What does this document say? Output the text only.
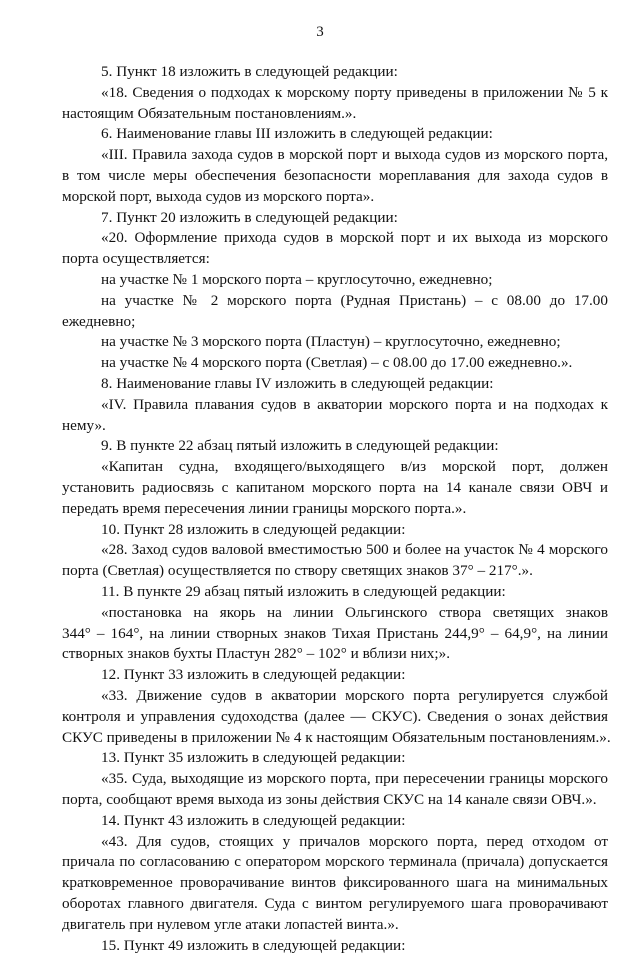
3
5. Пункт 18 изложить в следующей редакции:
«18. Сведения о подходах к морскому порту приведены в приложении № 5 к
настоящим Обязательным постановлениям.».
6. Наименование главы III изложить в следующей редакции:
«III. Правила захода судов в морской порт и выхода судов из морского порта,
в том числе меры обеспечения безопасности мореплавания для захода судов в
морской порт, выхода судов из морского порта».
7. Пункт 20 изложить в следующей редакции:
«20. Оформление прихода судов в морской порт и их выхода из морского
порта осуществляется:
на участке № 1 морского порта – круглосуточно, ежедневно;
на участке № 2 морского порта (Рудная Пристань) – с 08.00 до 17.00
ежедневно;
на участке № 3 морского порта (Пластун) – круглосуточно, ежедневно;
на участке № 4 морского порта (Светлая) – с 08.00 до 17.00 ежедневно.».
8. Наименование главы IV изложить в следующей редакции:
«IV. Правила плавания судов в акватории морского порта и на подходах к
нему».
9. В пункте 22 абзац пятый изложить в следующей редакции:
«Капитан судна, входящего/выходящего в/из морской порт, должен
установить радиосвязь с капитаном морского порта на 14 канале связи ОВЧ и
передать время пересечения линии границы морского порта.».
10. Пункт 28 изложить в следующей редакции:
«28. Заход судов валовой вместимостью 500 и более на участок № 4 морского
порта (Светлая) осуществляется по створу светящих знаков 37° – 217°.».
11. В пункте 29 абзац пятый изложить в следующей редакции:
«постановка на якорь на линии Ольгинского створа светящих знаков
344° – 164°, на линии створных знаков Тихая Пристань 244,9° – 64,9°, на линии
створных знаков бухты Пластун 282° – 102° и вблизи них;».
12. Пункт 33 изложить в следующей редакции:
«33. Движение судов в акватории морского порта регулируется службой
контроля и управления судоходства (далее — СКУС). Сведения о зонах действия
СКУС приведены в приложении № 4 к настоящим Обязательным постановлениям.».
13. Пункт 35 изложить в следующей редакции:
«35. Суда, выходящие из морского порта, при пересечении границы морского
порта, сообщают время выхода из зоны действия СКУС на 14 канале связи ОВЧ.».
14. Пункт 43 изложить в следующей редакции:
«43. Для судов, стоящих у причалов морского порта, перед отходом от
причала по согласованию с оператором морского терминала (причала) допускается
кратковременное проворачивание винтов фиксированного шага на минимальных
оборотах главного двигателя. Суда с винтом регулируемого шага проворачивают
двигатель при нулевом угле атаки лопастей винта.».
15. Пункт 49 изложить в следующей редакции:
